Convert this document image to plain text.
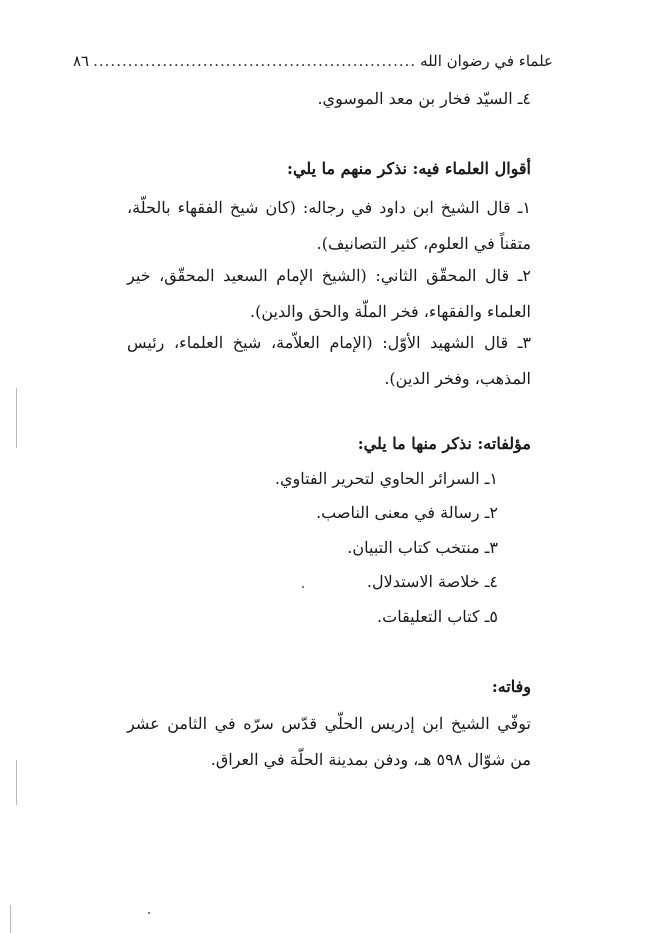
علماء في رضوان الله
........................................................
٨٦
٤ـ السيّد فخار بن معد الموسوي.
أقوال العلماء فيه: نذكر منهم ما يلي:
١ـ قال الشيخ ابن داود في رجاله: (كان شيخ الفقهاء بالحلّة، متقناً في العلوم، كثير التصانيف).
٢ـ قال المحقّق الثاني: (الشيخ الإمام السعيد المحقّق، خير العلماء والفقهاء، فخر الملّة والحق والدين).
٣ـ قال الشهيد الأوّل: (الإمام العلاّمة، شيخ العلماء، رئيس المذهب، وفخر الدين).
مؤلفاته: نذكر منها ما يلي:
١ـ السرائر الحاوي لتحرير الفتاوي.
٢ـ رسالة في معنى الناصب.
٣ـ منتخب كتاب التبيان.
٤ـ خلاصة الاستدلال.
٥ـ كتاب التعليقات.
وفاته:
توفّي الشيخ ابن إدريس الحلّي قدّس سرّه في الثامن عشر من شوّال ٥٩٨ هـ، ودفن بمدينة الحلّة في العراق.
